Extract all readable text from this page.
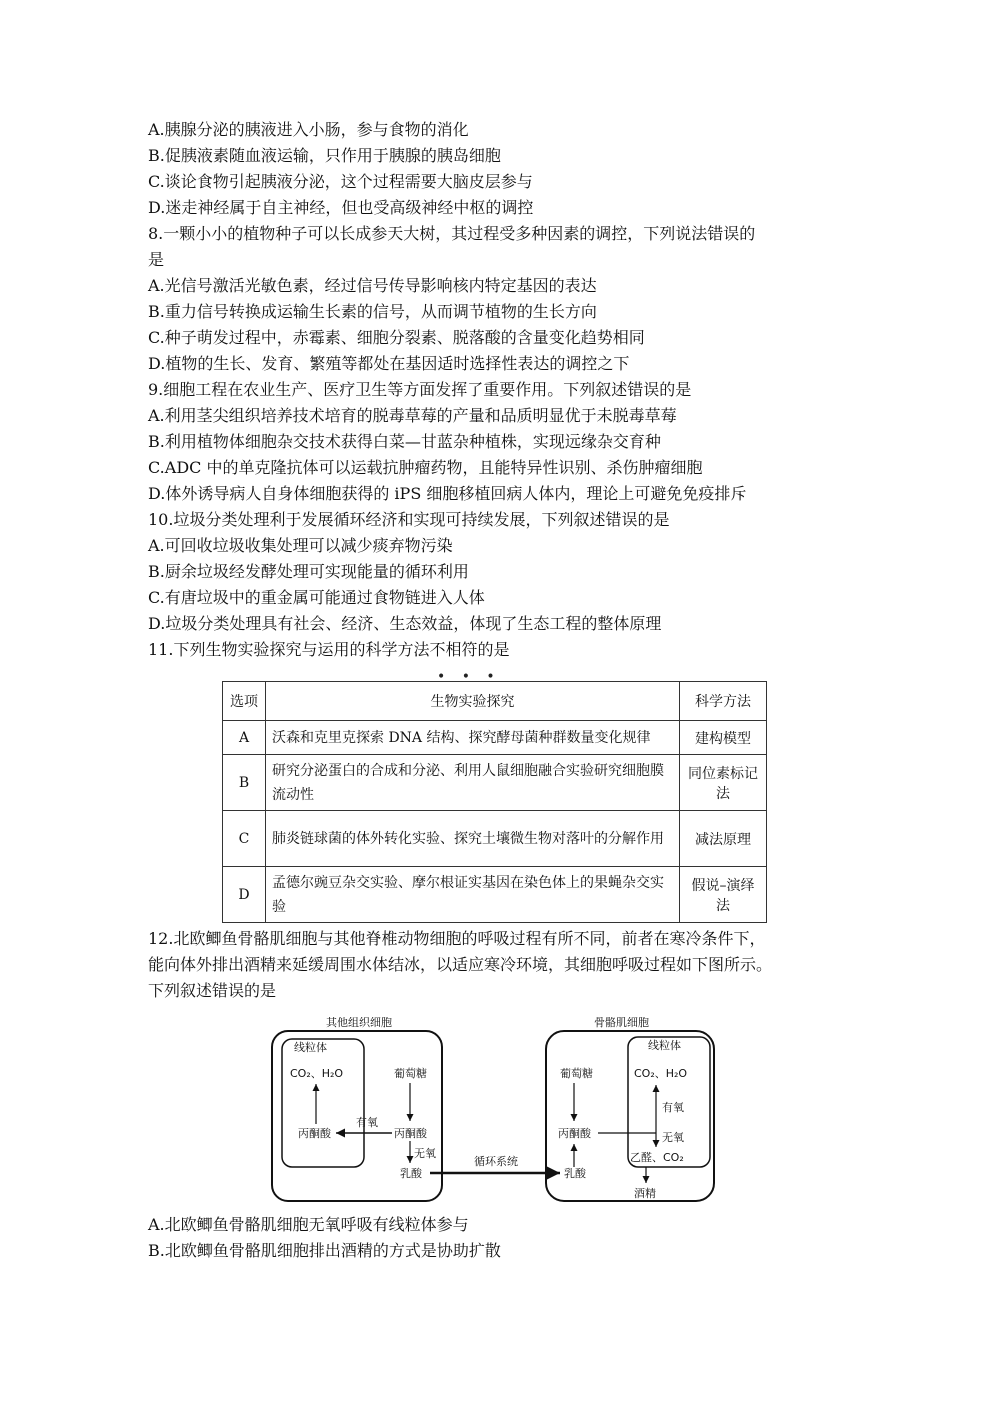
A.胰腺分泌的胰液进入小肠，参与食物的消化
B.促胰液素随血液运输，只作用于胰腺的胰岛细胞
C.谈论食物引起胰液分泌，这个过程需要大脑皮层参与
D.迷走神经属于自主神经，但也受高级神经中枢的调控
8.一颗小小的植物种子可以长成参天大树，其过程受多种因素的调控，下列说法错误的
是
A.光信号激活光敏色素，经过信号传导影响核内特定基因的表达
B.重力信号转换成运输生长素的信号，从而调节植物的生长方向
C.种子萌发过程中，赤霉素、细胞分裂素、脱落酸的含量变化趋势相同
D.植物的生长、发育、繁殖等都处在基因适时选择性表达的调控之下
9.细胞工程在农业生产、医疗卫生等方面发挥了重要作用。下列叙述错误的是
A.利用茎尖组织培养技术培育的脱毒草莓的产量和品质明显优于未脱毒草莓
B.利用植物体细胞杂交技术获得白菜—甘蓝杂种植株，实现远缘杂交育种
C.ADC 中的单克隆抗体可以运载抗肿瘤药物，且能特异性识别、杀伤肿瘤细胞
D.体外诱导病人自身体细胞获得的 iPS 细胞移植回病人体内，理论上可避免免疫排斥
10.垃圾分类处理利于发展循环经济和实现可持续发展，下列叙述错误的是
A.可回收垃圾收集处理可以减少痰弃物污染
B.厨余垃圾经发酵处理可实现能量的循环利用
C.有唐垃圾中的重金属可能通过食物链进入人体
D.垃圾分类处理具有社会、经济、生态效益，体现了生态工程的整体原理
11.下列生物实验探究与运用的科学方法不相符的是
• • •
选项	生物实验探究	科学方法
A	沃森和克里克探索 DNA 结构、探究酵母菌种群数量变化规律	建构模型
B	研究分泌蛋白的合成和分泌、利用人鼠细胞融合实验研究细胞膜流动性	同位素标记法
C	肺炎链球菌的体外转化实验、探究土壤微生物对落叶的分解作用	减法原理
D	孟德尔豌豆杂交实验、摩尔根证实基因在染色体上的果蝇杂交实验	假说–演绎法
12.北欧鲫鱼骨骼肌细胞与其他脊椎动物细胞的呼吸过程有所不同，前者在寒冷条件下，
能向体外排出酒精来延缓周围水体结冰，以适应寒冷环境，其细胞呼吸过程如下图所示。
下列叙述错误的是
其他组织细胞
线粒体
CO₂、H₂O
丙酮酸
葡萄糖
丙酮酸
有氧
无氧
乳酸
循环系统
骨骼肌细胞
线粒体
葡萄糖
丙酮酸
乳酸
CO₂、H₂O
有氧
无氧
乙醛、CO₂
酒精
A.北欧鲫鱼骨骼肌细胞无氧呼吸有线粒体参与
B.北欧鲫鱼骨骼肌细胞排出酒精的方式是协助扩散
